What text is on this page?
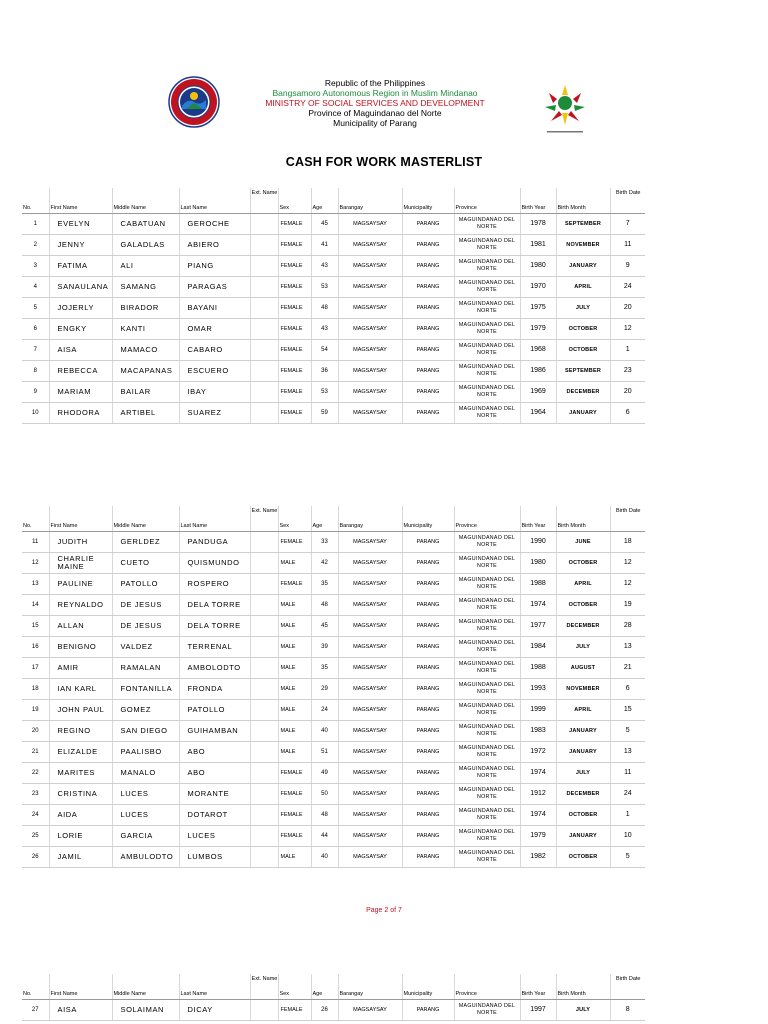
Republic of the Philippines
Bangsamoro Autonomous Region in Muslim Mindanao
MINISTRY OF SOCIAL SERVICES AND DEVELOPMENT
Province of Maguindanao del Norte
Municipality of Parang
CASH FOR WORK MASTERLIST
No.	First Name	Middle Name	Last Name	Ext. Name	Sex	Age	Barangay	Municipality	Province	Birth Year	Birth Month	Birth Date
1	EVELYN	CABATUAN	GEROCHE		FEMALE	45	MAGSAYSAY	PARANG	MAGUINDANAO DEL NORTE	1978	SEPTEMBER	7
2	JENNY	GALADLAS	ABIERO		FEMALE	41	MAGSAYSAY	PARANG	MAGUINDANAO DEL NORTE	1981	NOVEMBER	11
3	FATIMA	ALI	PIANG		FEMALE	43	MAGSAYSAY	PARANG	MAGUINDANAO DEL NORTE	1980	JANUARY	9
4	SANAULANA	SAMANG	PARAGAS		FEMALE	53	MAGSAYSAY	PARANG	MAGUINDANAO DEL NORTE	1970	APRIL	24
5	JOJERLY	BIRADOR	BAYANI		FEMALE	48	MAGSAYSAY	PARANG	MAGUINDANAO DEL NORTE	1975	JULY	20
6	ENGKY	KANTI	OMAR		FEMALE	43	MAGSAYSAY	PARANG	MAGUINDANAO DEL NORTE	1979	OCTOBER	12
7	AISA	MAMACO	CABARO		FEMALE	54	MAGSAYSAY	PARANG	MAGUINDANAO DEL NORTE	1968	OCTOBER	1
8	REBECCA	MACAPANAS	ESCUERO		FEMALE	36	MAGSAYSAY	PARANG	MAGUINDANAO DEL NORTE	1986	SEPTEMBER	23
9	MARIAM	BAILAR	IBAY		FEMALE	53	MAGSAYSAY	PARANG	MAGUINDANAO DEL NORTE	1969	DECEMBER	20
10	RHODORA	ARTIBEL	SUAREZ		FEMALE	59	MAGSAYSAY	PARANG	MAGUINDANAO DEL NORTE	1964	JANUARY	6
No.	First Name	Middle Name	Last Name	Ext. Name	Sex	Age	Barangay	Municipality	Province	Birth Year	Birth Month	Birth Date
11	JUDITH	GERLDEZ	PANDUGA		FEMALE	33	MAGSAYSAY	PARANG	MAGUINDANAO DEL NORTE	1990	JUNE	18
12	CHARLIE MAINE	CUETO	QUISMUNDO		MALE	42	MAGSAYSAY	PARANG	MAGUINDANAO DEL NORTE	1980	OCTOBER	12
13	PAULINE	PATOLLO	ROSPERO		FEMALE	35	MAGSAYSAY	PARANG	MAGUINDANAO DEL NORTE	1988	APRIL	12
14	REYNALDO	DE JESUS	DELA TORRE		MALE	48	MAGSAYSAY	PARANG	MAGUINDANAO DEL NORTE	1974	OCTOBER	19
15	ALLAN	DE JESUS	DELA TORRE		MALE	45	MAGSAYSAY	PARANG	MAGUINDANAO DEL NORTE	1977	DECEMBER	28
16	BENIGNO	VALDEZ	TERRENAL		MALE	39	MAGSAYSAY	PARANG	MAGUINDANAO DEL NORTE	1984	JULY	13
17	AMIR	RAMALAN	AMBOLODTO		MALE	35	MAGSAYSAY	PARANG	MAGUINDANAO DEL NORTE	1988	AUGUST	21
18	IAN KARL	FONTANILLA	FRONDA		MALE	29	MAGSAYSAY	PARANG	MAGUINDANAO DEL NORTE	1993	NOVEMBER	6
19	JOHN PAUL	GOMEZ	PATOLLO		MALE	24	MAGSAYSAY	PARANG	MAGUINDANAO DEL NORTE	1999	APRIL	15
20	REGINO	SAN DIEGO	GUIHAMBAN		MALE	40	MAGSAYSAY	PARANG	MAGUINDANAO DEL NORTE	1983	JANUARY	5
21	ELIZALDE	PAALISBO	ABO		MALE	51	MAGSAYSAY	PARANG	MAGUINDANAO DEL NORTE	1972	JANUARY	13
22	MARITES	MANALO	ABO		FEMALE	49	MAGSAYSAY	PARANG	MAGUINDANAO DEL NORTE	1974	JULY	11
23	CRISTINA	LUCES	MORANTE		FEMALE	50	MAGSAYSAY	PARANG	MAGUINDANAO DEL NORTE	1912	DECEMBER	24
24	AIDA	LUCES	DOTAROT		FEMALE	48	MAGSAYSAY	PARANG	MAGUINDANAO DEL NORTE	1974	OCTOBER	1
25	LORIE	GARCIA	LUCES		FEMALE	44	MAGSAYSAY	PARANG	MAGUINDANAO DEL NORTE	1979	JANUARY	10
26	JAMIL	AMBULODTO	LUMBOS		MALE	40	MAGSAYSAY	PARANG	MAGUINDANAO DEL NORTE	1982	OCTOBER	5
Page 2 of 7
No.	First Name	Middle Name	Last Name	Ext. Name	Sex	Age	Barangay	Municipality	Province	Birth Year	Birth Month	Birth Date
27	AISA	SOLAIMAN	DICAY		FEMALE	26	MAGSAYSAY	PARANG	MAGUINDANAO DEL NORTE	1997	JULY	8
